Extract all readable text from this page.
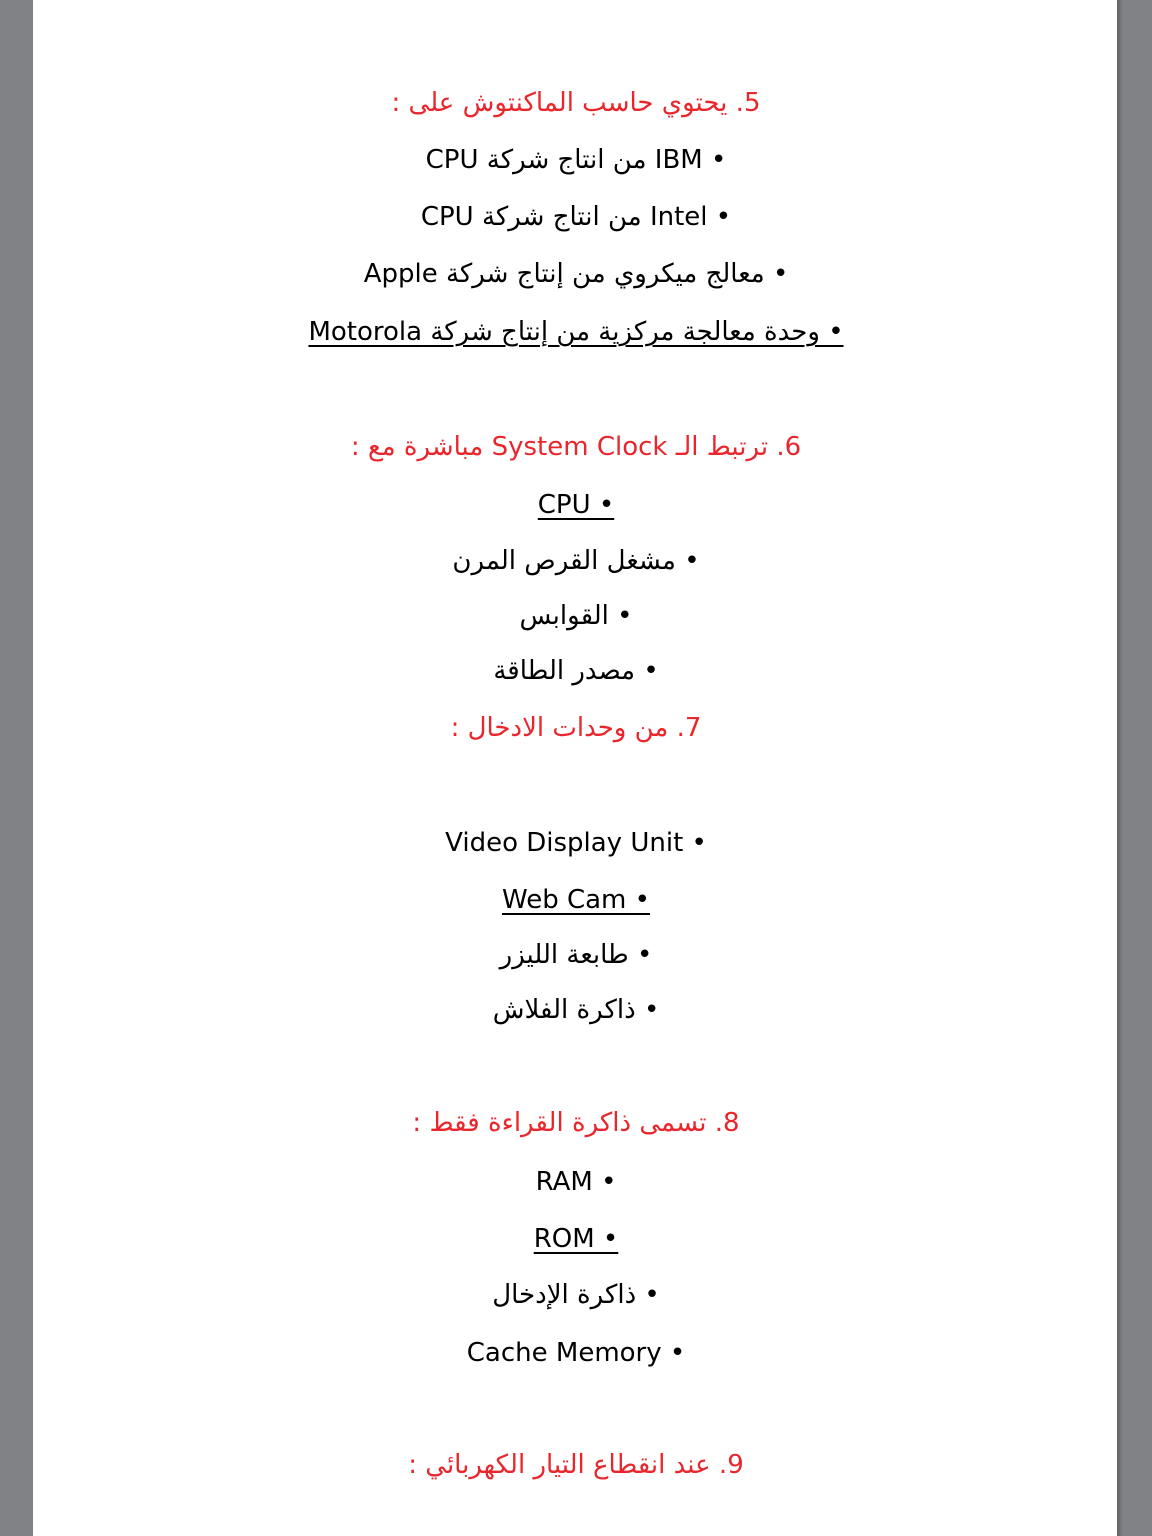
5. يحتوي حاسب الماكنتوش على :
CPU من انتاج شركة IBM •
CPU من انتاج شركة Intel •
• معالج ميكروي من إنتاج شركة Apple
• وحدة معالجة مركزية من إنتاج شركة Motorola
6. ترتبط الـ System Clock مباشرة مع :
CPU •
• مشغل القرص المرن
• القوابس
• مصدر الطاقة
7. من وحدات الادخال :
Video Display Unit •
Web Cam •
• طابعة الليزر
• ذاكرة الفلاش
8. تسمى ذاكرة القراءة فقط :
RAM •
ROM •
• ذاكرة الإدخال
Cache Memory •
9. عند انقطاع التيار الكهربائي :
